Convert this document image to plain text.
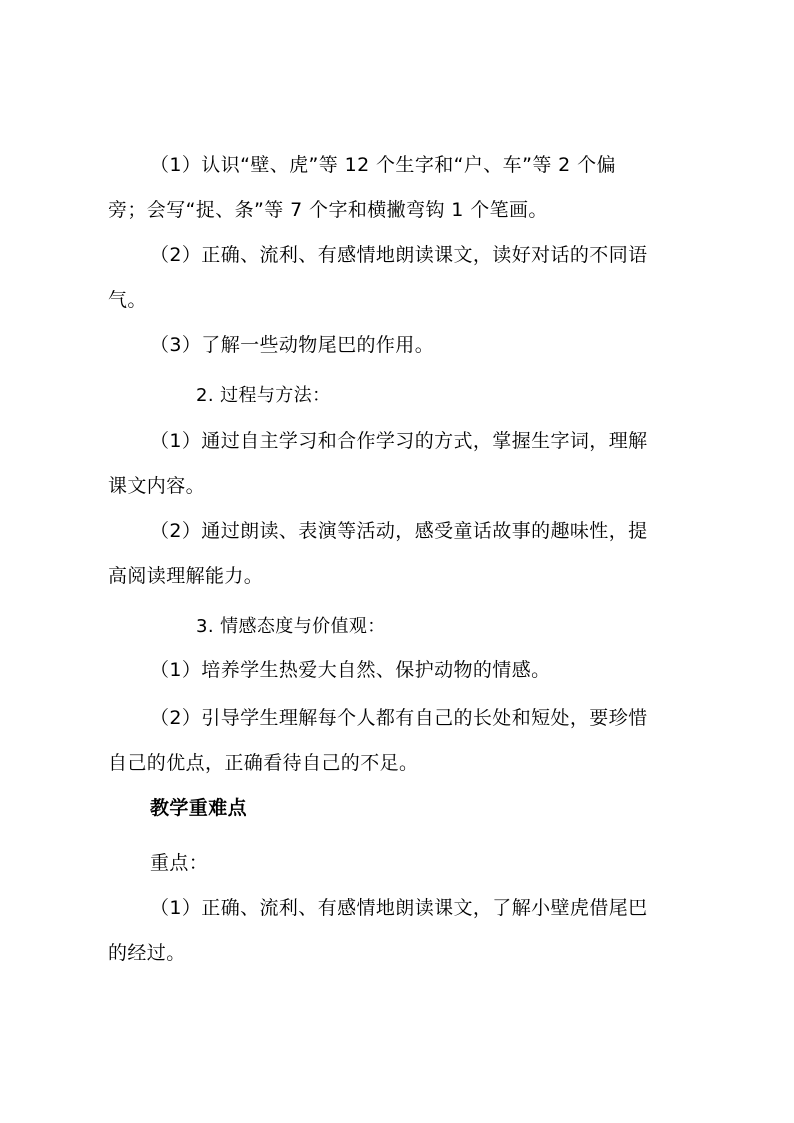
（1）认识“壁、虎”等 12 个生字和“户、车”等 2 个偏
旁；会写“捉、条”等 7 个字和横撇弯钩 1 个笔画。
（2）正确、流利、有感情地朗读课文，读好对话的不同语
气。
（3）了解一些动物尾巴的作用。
2. 过程与方法：
（1）通过自主学习和合作学习的方式，掌握生字词，理解
课文内容。
（2）通过朗读、表演等活动，感受童话故事的趣味性，提
高阅读理解能力。
3. 情感态度与价值观：
（1）培养学生热爱大自然、保护动物的情感。
（2）引导学生理解每个人都有自己的长处和短处，要珍惜
自己的优点，正确看待自己的不足。
教学重难点
重点：
（1）正确、流利、有感情地朗读课文，了解小壁虎借尾巴
的经过。
